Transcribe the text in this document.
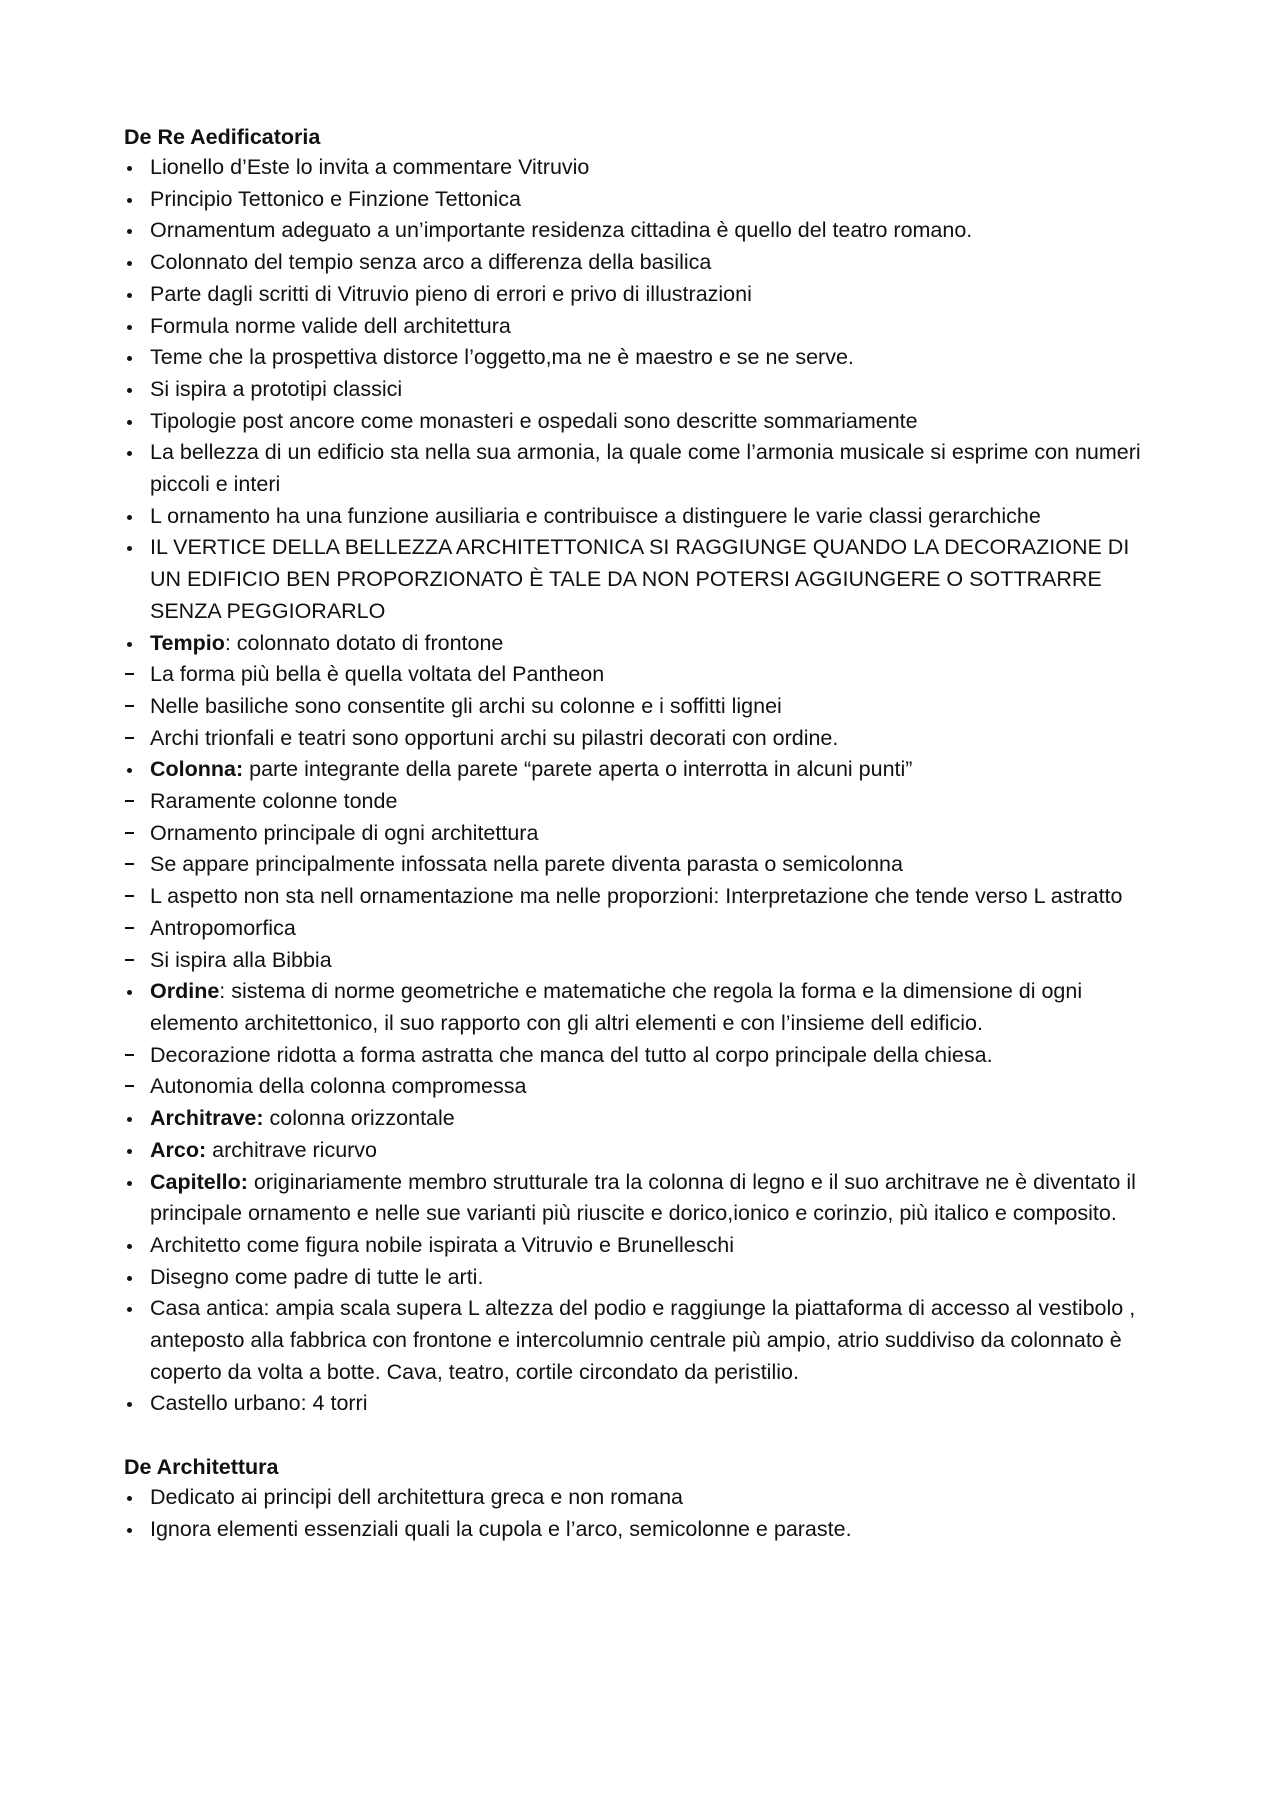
De Re Aedificatoria
Lionello d’Este lo invita a commentare Vitruvio
Principio Tettonico e Finzione Tettonica
Ornamentum adeguato a un’importante residenza cittadina è quello del teatro romano.
Colonnato del tempio senza arco a differenza della basilica
Parte dagli scritti di Vitruvio pieno di errori e privo di illustrazioni
Formula norme valide dell architettura
Teme che la prospettiva distorce l’oggetto,ma ne è maestro e se ne serve.
Si ispira a prototipi classici
Tipologie post ancore come monasteri e ospedali sono descritte sommariamente
La bellezza di un edificio sta nella sua armonia, la quale come l’armonia musicale si esprime con numeri piccoli e interi
L ornamento ha una funzione ausiliaria e contribuisce a distinguere le varie classi gerarchiche
IL VERTICE DELLA BELLEZZA ARCHITETTONICA SI RAGGIUNGE QUANDO LA DECORAZIONE DI UN EDIFICIO BEN PROPORZIONATO È TALE DA NON POTERSI AGGIUNGERE O SOTTRARRE SENZA PEGGIORARLO
Tempio: colonnato dotato di frontone
La forma più bella è quella voltata del Pantheon
Nelle basiliche sono consentite gli archi su colonne e i soffitti lignei
Archi trionfali e teatri sono opportuni archi su pilastri decorati con ordine.
Colonna: parte integrante della parete “parete aperta o interrotta in alcuni punti”
Raramente colonne tonde
Ornamento principale di ogni architettura
Se appare principalmente infossata nella parete diventa parasta o semicolonna
L aspetto non sta nell ornamentazione ma nelle proporzioni: Interpretazione che tende verso L astratto
Antropomorfica
Si ispira alla Bibbia
Ordine: sistema di norme geometriche e matematiche che regola la forma e la dimensione di ogni elemento architettonico, il suo rapporto con gli altri elementi e con l’insieme dell edificio.
Decorazione ridotta a forma astratta che manca del tutto al corpo principale della chiesa.
Autonomia della colonna compromessa
Architrave: colonna orizzontale
Arco: architrave ricurvo
Capitello: originariamente membro strutturale tra la colonna di legno e il suo architrave ne è diventato il principale ornamento e nelle sue varianti più riuscite e dorico,ionico e corinzio, più italico e composito.
Architetto come figura nobile ispirata a Vitruvio e Brunelleschi
Disegno come padre di tutte le arti.
Casa antica: ampia scala supera L altezza del podio e raggiunge la piattaforma di accesso al vestibolo , anteposto alla fabbrica con frontone e intercolumnio centrale più ampio, atrio suddiviso da colonnato è coperto da volta a botte. Cava, teatro, cortile circondato da peristilio.
Castello urbano: 4 torri
De Architettura
Dedicato ai principi dell architettura greca e non romana
Ignora elementi essenziali quali la cupola e l’arco, semicolonne e paraste.
